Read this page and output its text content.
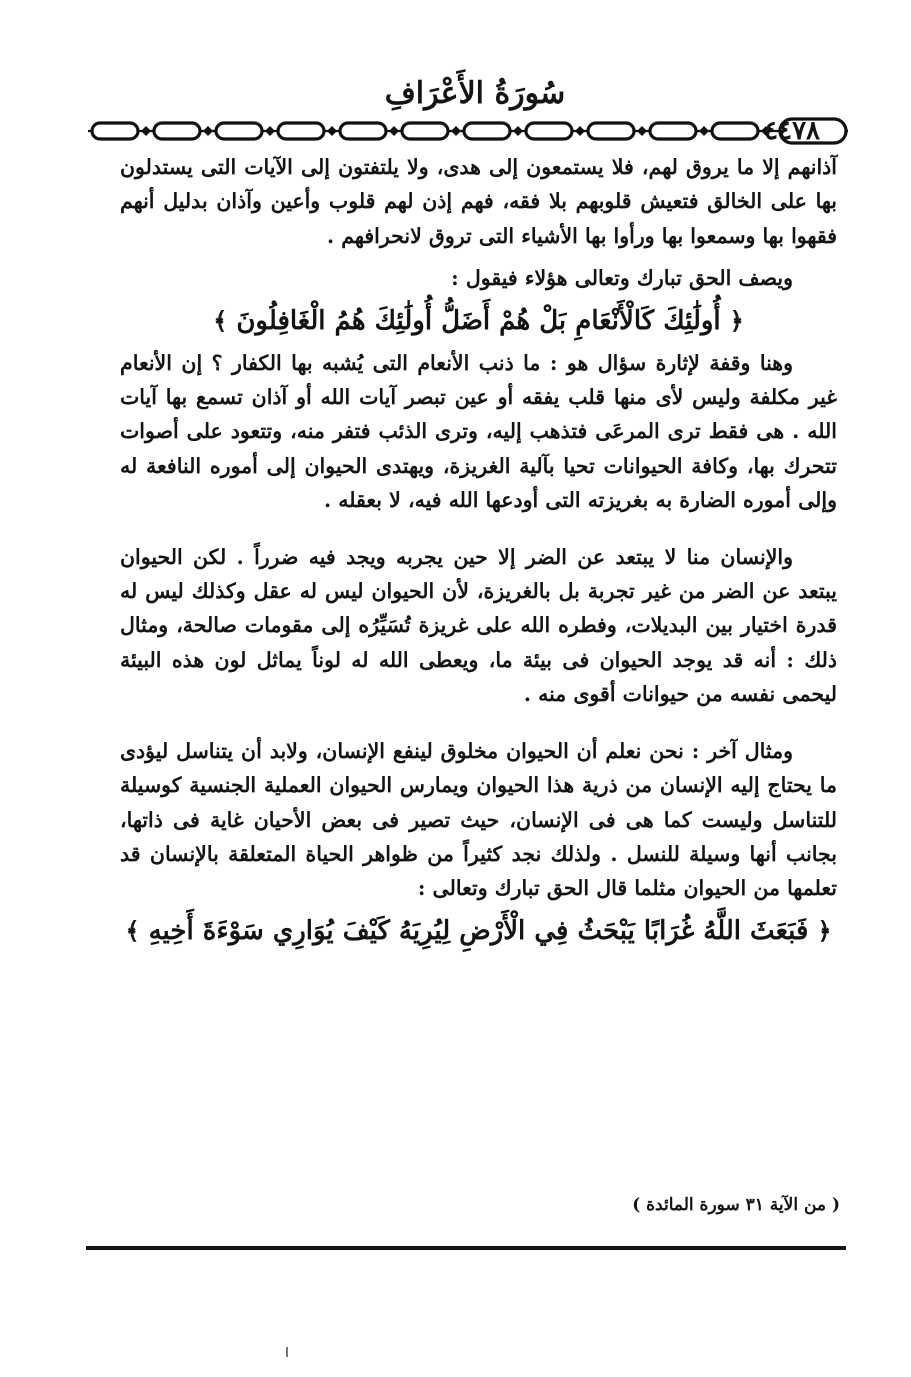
سُورَةُ الأَعْرَافِ
٤٤٧٨

آذانهم إلا ما يروق لهم، فلا يستمعون إلى هدى، ولا يلتفتون إلى الآيات التى يستدلون بها على الخالق فتعيش قلوبهم بلا فقه، فهم إذن لهم قلوب وأعين وآذان بدليل أنهم فقهوا بها وسمعوا بها ورأوا بها الأشياء التى تروق لانحرافهم .

ويصف الحق تبارك وتعالى هؤلاء فيقول :

﴿ أُولَٰئِكَ كَالْأَنْعَامِ بَلْ هُمْ أَضَلُّ أُولَٰئِكَ هُمُ الْغَافِلُونَ ﴾

وهنا وقفة لإثارة سؤال هو : ما ذنب الأنعام التى يُشبه بها الكفار ؟ إن الأنعام غير مكلفة وليس لأى منها قلب يفقه أو عين تبصر آيات الله أو آذان تسمع بها آيات الله . هى فقط ترى المرعَى فتذهب إليه، وترى الذئب فتفر منه، وتتعود على أصوات تتحرك بها، وكافة الحيوانات تحيا بآلية الغريزة، ويهتدى الحيوان إلى أموره النافعة له وإلى أموره الضارة به بغريزته التى أودعها الله فيه، لا بعقله .

والإنسان منا لا يبتعد عن الضر إلا حين يجربه ويجد فيه ضرراً . لكن الحيوان يبتعد عن الضر من غير تجربة بل بالغريزة، لأن الحيوان ليس له عقل وكذلك ليس له قدرة اختيار بين البديلات، وفطره الله على غريزة تُسَيِّرُه إلى مقومات صالحة، ومثال ذلك : أنه قد يوجد الحيوان فى بيئة ما، ويعطى الله له لوناً يماثل لون هذه البيئة ليحمى نفسه من حيوانات أقوى منه .

ومثال آخر : نحن نعلم أن الحيوان مخلوق لينفع الإنسان، ولابد أن يتناسل ليؤدى ما يحتاج إليه الإنسان من ذرية هذا الحيوان ويمارس الحيوان العملية الجنسية كوسيلة للتناسل وليست كما هى فى الإنسان، حيث تصير فى بعض الأحيان غاية فى ذاتها، بجانب أنها وسيلة للنسل . ولذلك نجد كثيراً من ظواهر الحياة المتعلقة بالإنسان قد تعلمها من الحيوان مثلما قال الحق تبارك وتعالى :

﴿ فَبَعَثَ اللَّهُ غُرَابًا يَبْحَثُ فِي الْأَرْضِ لِيُرِيَهُ كَيْفَ يُوَارِي سَوْءَةَ أَخِيهِ ﴾

( من الآية ٣١ سورة المائدة )
